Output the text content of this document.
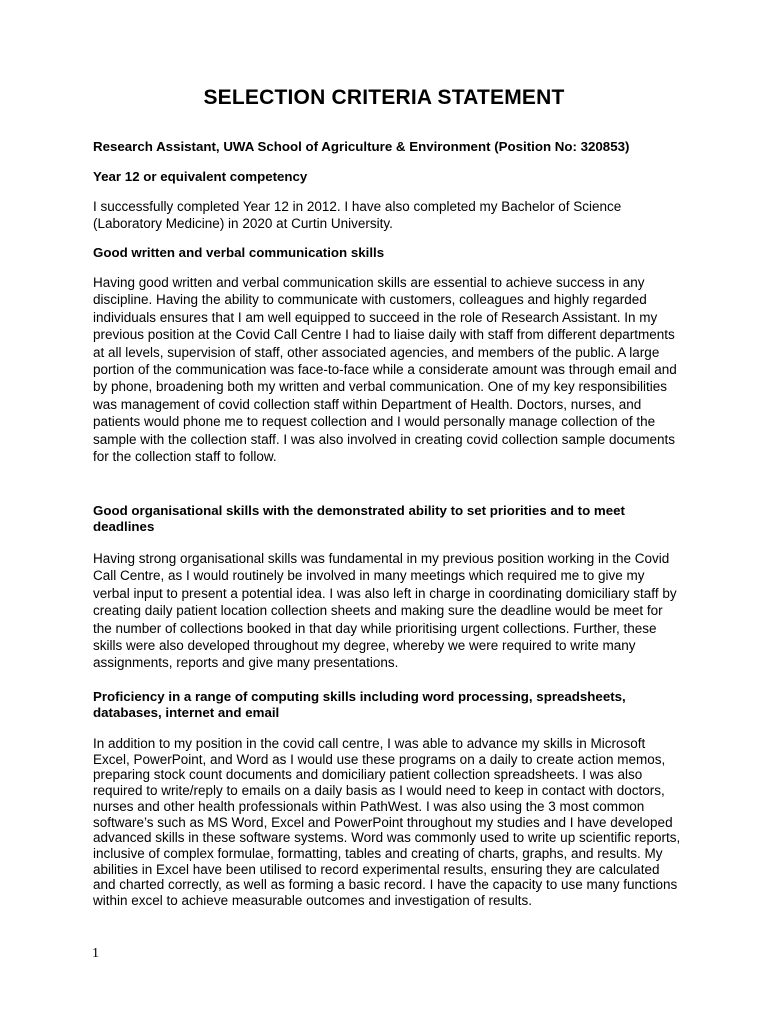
SELECTION CRITERIA STATEMENT
Research Assistant, UWA School of Agriculture & Environment (Position No: 320853)
Year 12 or equivalent competency
I successfully completed Year 12 in 2012. I have also completed my Bachelor of Science (Laboratory Medicine) in 2020 at Curtin University.
Good written and verbal communication skills
Having good written and verbal communication skills are essential to achieve success in any discipline. Having the ability to communicate with customers, colleagues and highly regarded individuals ensures that I am well equipped to succeed in the role of Research Assistant. In my previous position at the Covid Call Centre I had to liaise daily with staff from different departments at all levels, supervision of staff, other associated agencies, and members of the public. A large portion of the communication was face-to-face while a considerate amount was through email and by phone, broadening both my written and verbal communication. One of my key responsibilities was management of covid collection staff within Department of Health. Doctors, nurses, and patients would phone me to request collection and I would personally manage collection of the sample with the collection staff. I was also involved in creating covid collection sample documents for the collection staff to follow.
Good organisational skills with the demonstrated ability to set priorities and to meet deadlines
Having strong organisational skills was fundamental in my previous position working in the Covid Call Centre, as I would routinely be involved in many meetings which required me to give my verbal input to present a potential idea. I was also left in charge in coordinating domiciliary staff by creating daily patient location collection sheets and making sure the deadline would be meet for the number of collections booked in that day while prioritising urgent collections. Further, these skills were also developed throughout my degree, whereby we were required to write many assignments, reports and give many presentations.
Proficiency in a range of computing skills including word processing, spreadsheets, databases, internet and email
In addition to my position in the covid call centre, I was able to advance my skills in Microsoft Excel, PowerPoint, and Word as I would use these programs on a daily to create action memos, preparing stock count documents and domiciliary patient collection spreadsheets. I was also required to write/reply to emails on a daily basis as I would need to keep in contact with doctors, nurses and other health professionals within PathWest. I was also using the 3 most common software’s such as MS Word, Excel and PowerPoint throughout my studies and I have developed advanced skills in these software systems. Word was commonly used to write up scientific reports, inclusive of complex formulae, formatting, tables and creating of charts, graphs, and results. My abilities in Excel have been utilised to record experimental results, ensuring they are calculated and charted correctly, as well as forming a basic record. I have the capacity to use many functions within excel to achieve measurable outcomes and investigation of results.
1
